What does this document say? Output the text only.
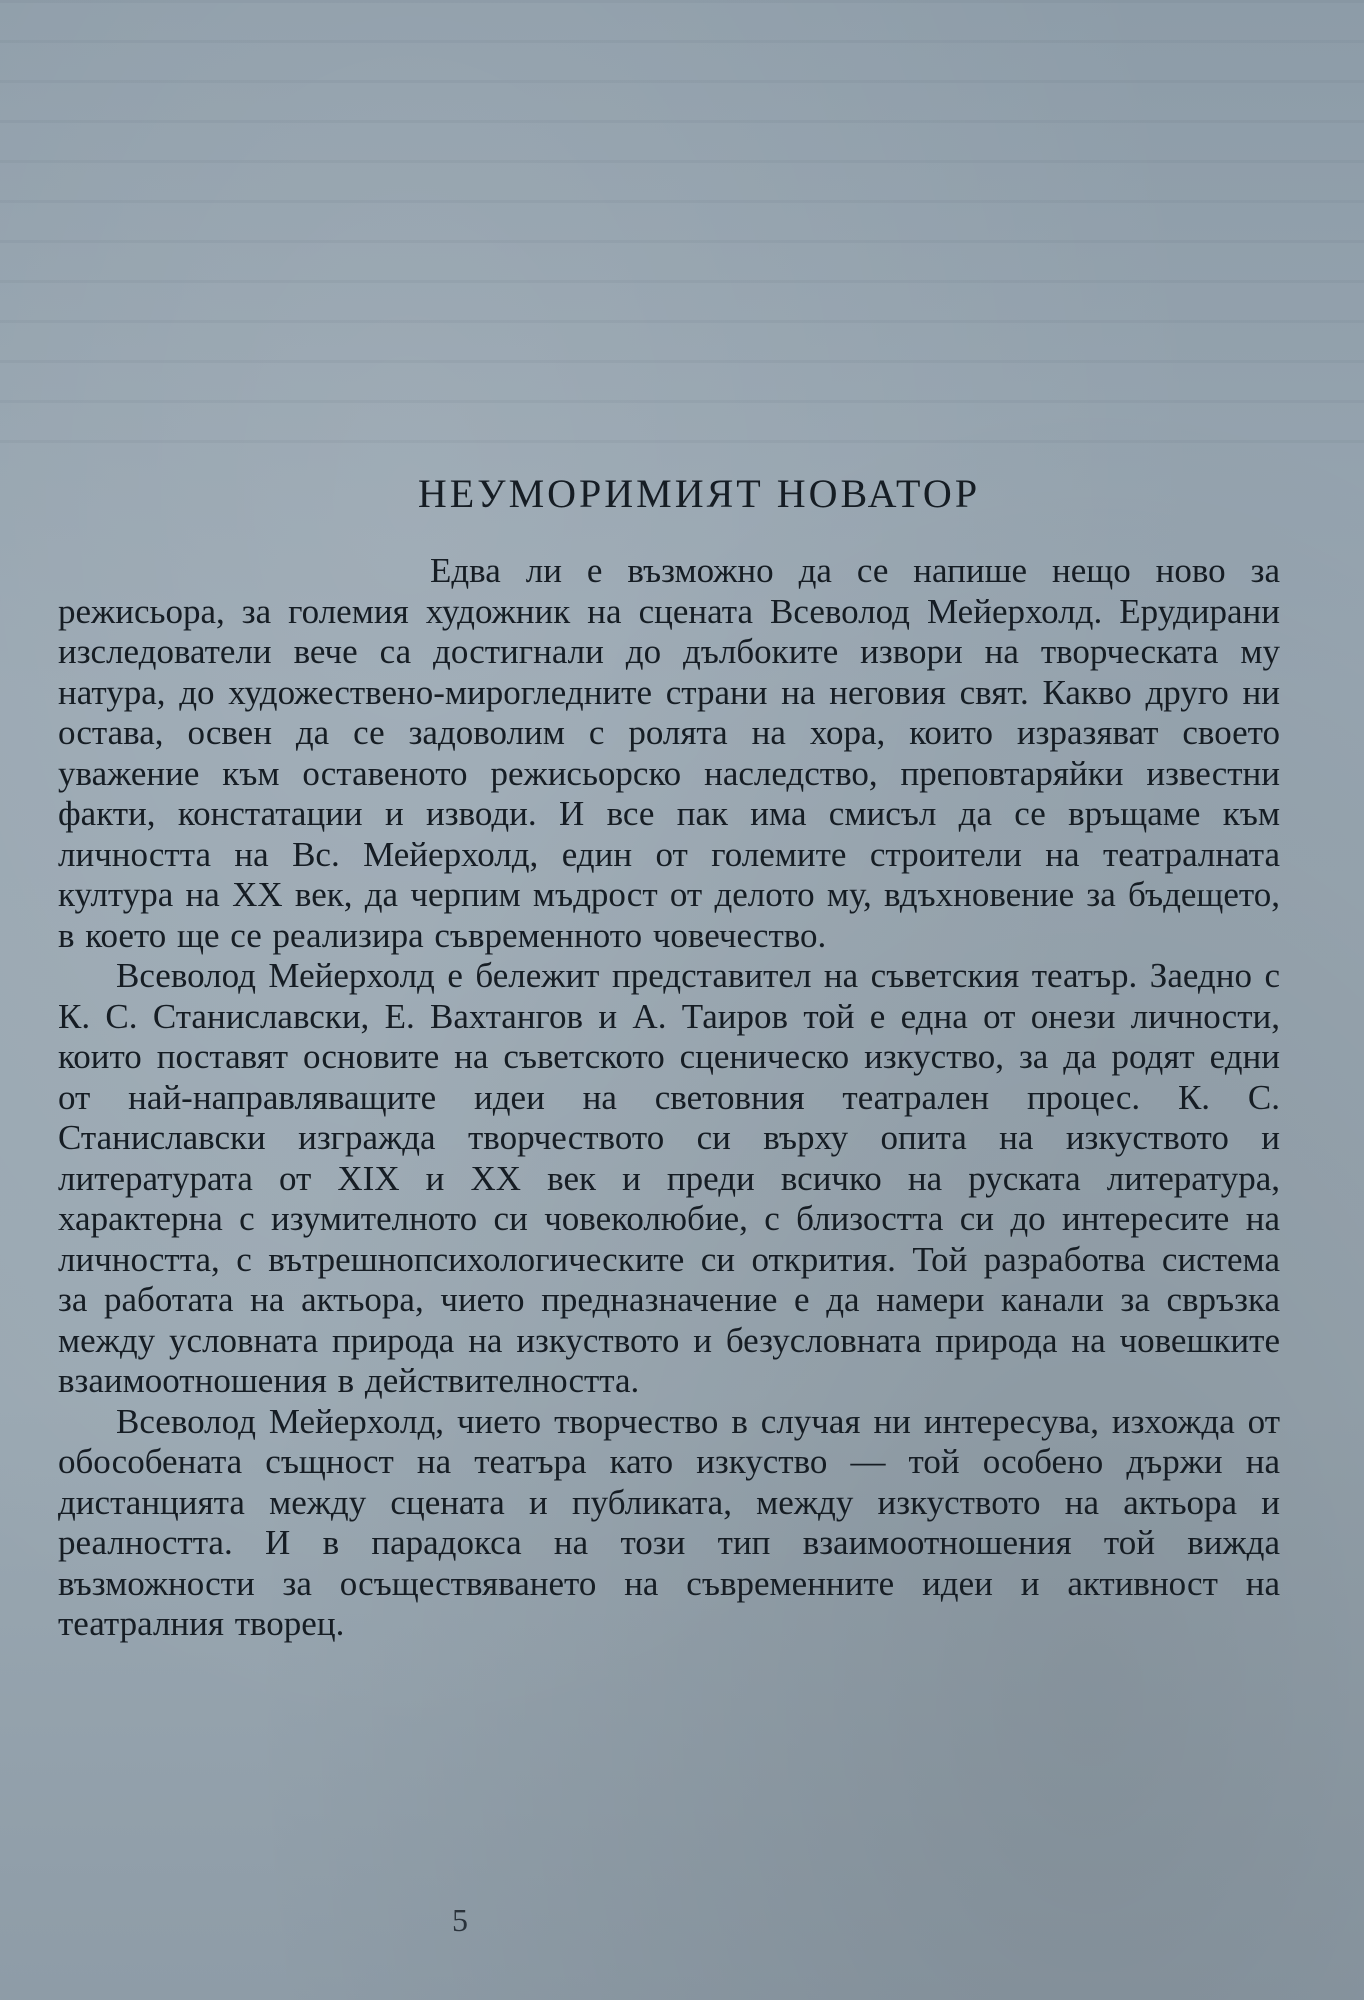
НЕУМОРИМИЯТ НОВАТОР

Едва ли е възможно да се напише нещо ново за режисьора, за големия художник на сцената Всеволод Мейерхолд. Ерудирани изследователи вече са достигнали до дълбоките извори на творческата му натура, до художествено-мирогледните страни на неговия свят. Какво друго ни остава, освен да се задоволим с ролята на хора, които изразяват своето уважение към оставеното режисьорско наследство, преповтаряйки известни факти, констатации и изводи. И все пак има смисъл да се връщаме към личността на Вс. Мейерхолд, един от големите строители на театралната култура на XX век, да черпим мъдрост от делото му, вдъхновение за бъдещето, в което ще се реализира съвременното човечество.

Всеволод Мейерхолд е бележит представител на съветския театър. Заедно с К. С. Станиславски, Е. Вахтангов и А. Таиров той е една от онези личности, които поставят основите на съветското сценическо изкуство, за да родят едни от най-направляващите идеи на световния театрален процес. К. С. Станиславски изгражда творчеството си върху опита на изкуството и литературата от XIX и XX век и преди всичко на руската литература, характерна с изумителното си човеколюбие, с близостта си до интересите на личността, с вътрешнопсихологическите си открития. Той разработва система за работата на актьора, чието предназначение е да намери канали за свръзка между условната природа на изкуството и безусловната природа на човешките взаимоотношения в действителността.

Всеволод Мейерхолд, чието творчество в случая ни интересува, изхожда от обособената същност на театъра като изкуство — той особено държи на дистанцията между сцената и публиката, между изкуството на актьора и реалността. И в парадокса на този тип взаимоотношения той вижда възможности за осъществяването на съвременните идеи и активност на театралния творец.

5
